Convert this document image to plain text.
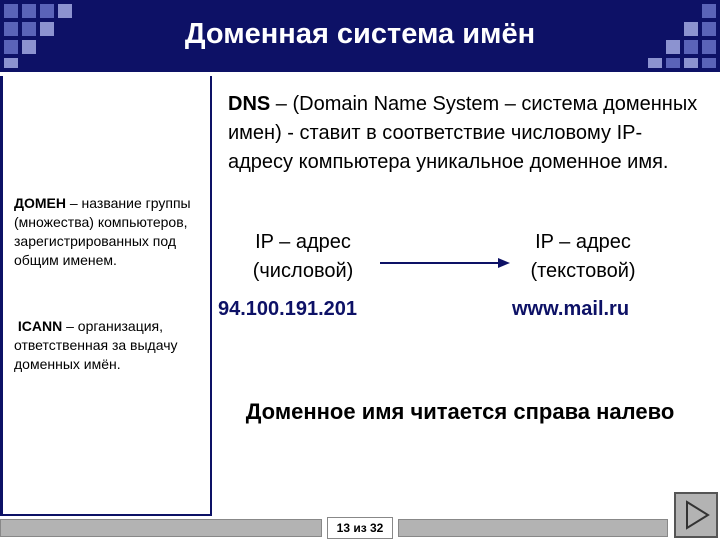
Доменная система имён
ДОМЕН – название группы (множества) компьютеров, зарегистрированных под общим именем.
ICANN – организация, ответственная за выдачу доменных имён.
DNS – (Domain Name System – система доменных имен) - ставит в соответствие числовому IP-адресу компьютера уникальное доменное имя.
IP – адрес
(числовой)
IP – адрес
(текстовой)
94.100.191.201	www.mail.ru
Доменное имя читается справа налево
13 из 32
